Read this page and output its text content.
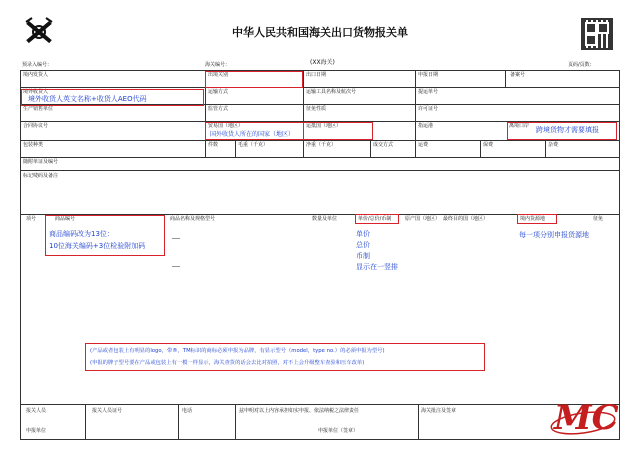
中华人民共和国海关出口货物报关单
预录入编号：	海关编号：	(XX海关)	页码/页数：
境内发货人	出境关别	出口日期	申报日期	备案号
境外收货人	运输方式	运输工具名称及航次号	提运单号
生产销售单位	监管方式	征免性质	许可证号
合同协议号	贸易国（地区）	运抵国（地区）	指运港	离境口岸
包装种类	件数	毛重（千克）	净重（千克）	成交方式	运费	保费	杂费
随附单证及编号
标记唛码及备注
项号	商品编号	商品名称及规格型号	数量及单位	单价/总价/币制	原产国（地区） 最终目的国（地区）	境内货源地	征免
报关人员	报关人员证号	电话	兹申明对以上内容承担如实申报、依法纳税之法律责任	海关批注及签章
申报单位	申报单位（签章）
境外收货人英文名称+收货人AEO代码
国外收货人所在的国家（地区）
跨境货物才需要填报
商品编码改为13位：
10位海关编码+3位检验附加码
单价
总价
币制
显示在一竖排
每一项分别申报货源地
(产品或者包装上有明显的logo，带®，TM标识的商标必须申报为品牌，有显示型号（model，type no.）的必须申报为型号)
(申报的牌子型号要在产品或包装上有一模一样显示，海关查货的话会去比对拍照，对不上会升级整车查验和压车改单)
MC
